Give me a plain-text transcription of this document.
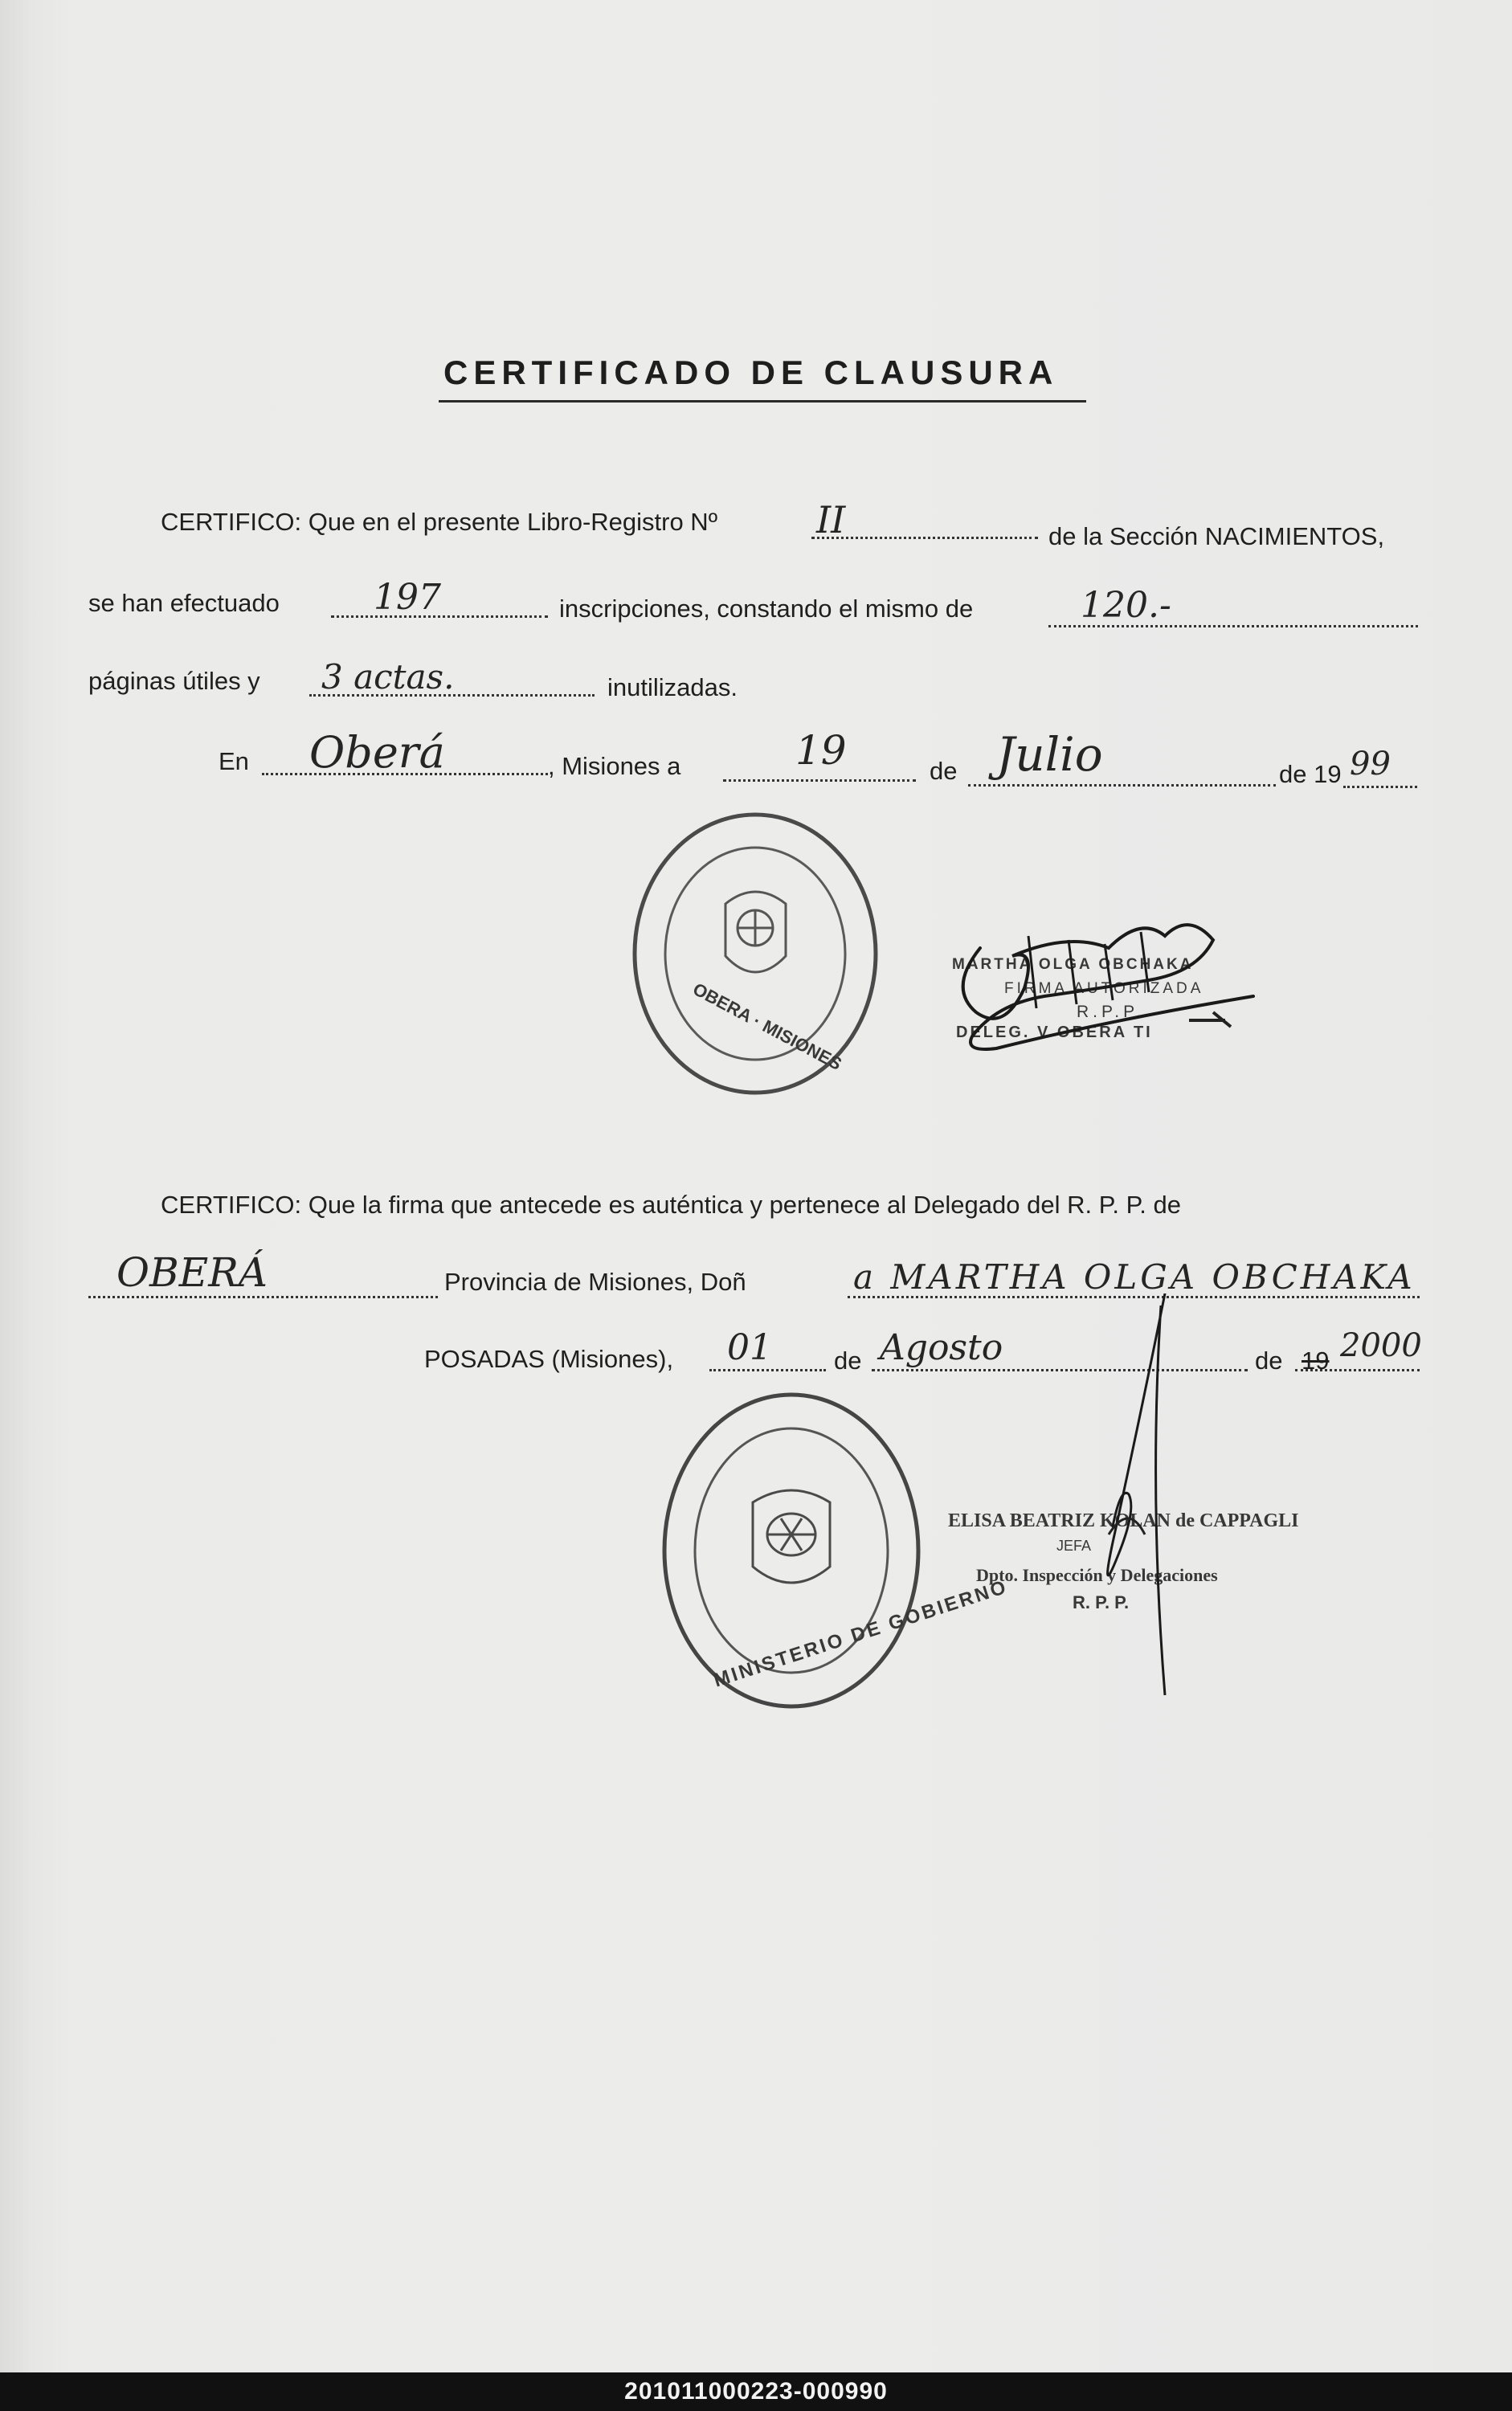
CERTIFICADO DE CLAUSURA
CERTIFICO: Que en el presente Libro-Registro Nº	II	de la Sección NACIMIENTOS,
se han efectuado	197	inscripciones, constando el mismo de	120.-
páginas útiles y 3 actas.	inutilizadas.
En Oberá	, Misiones a	19	de Julio	de 19 99
OBERA · MISIONES
MARTHA OLGA OBCHAKA
FIRMA AUTORIZADA
R.P.P.
DELEG. V OBERA TI
CERTIFICO: Que la firma que antecede es auténtica y pertenece al Delegado del R. P. P. de
OBERÁ	Provincia de Misiones, Doñ	a MARTHA OLGA OBCHAKA
POSADAS (Misiones), 01 de Agosto	de 19 2000
MINISTERIO DE GOBIERNO
ELISA BEATRIZ KOLAN de CAPPAGLI
JEFA
Dpto. Inspección y Delegaciones
R. P. P.
201011000223-000990
